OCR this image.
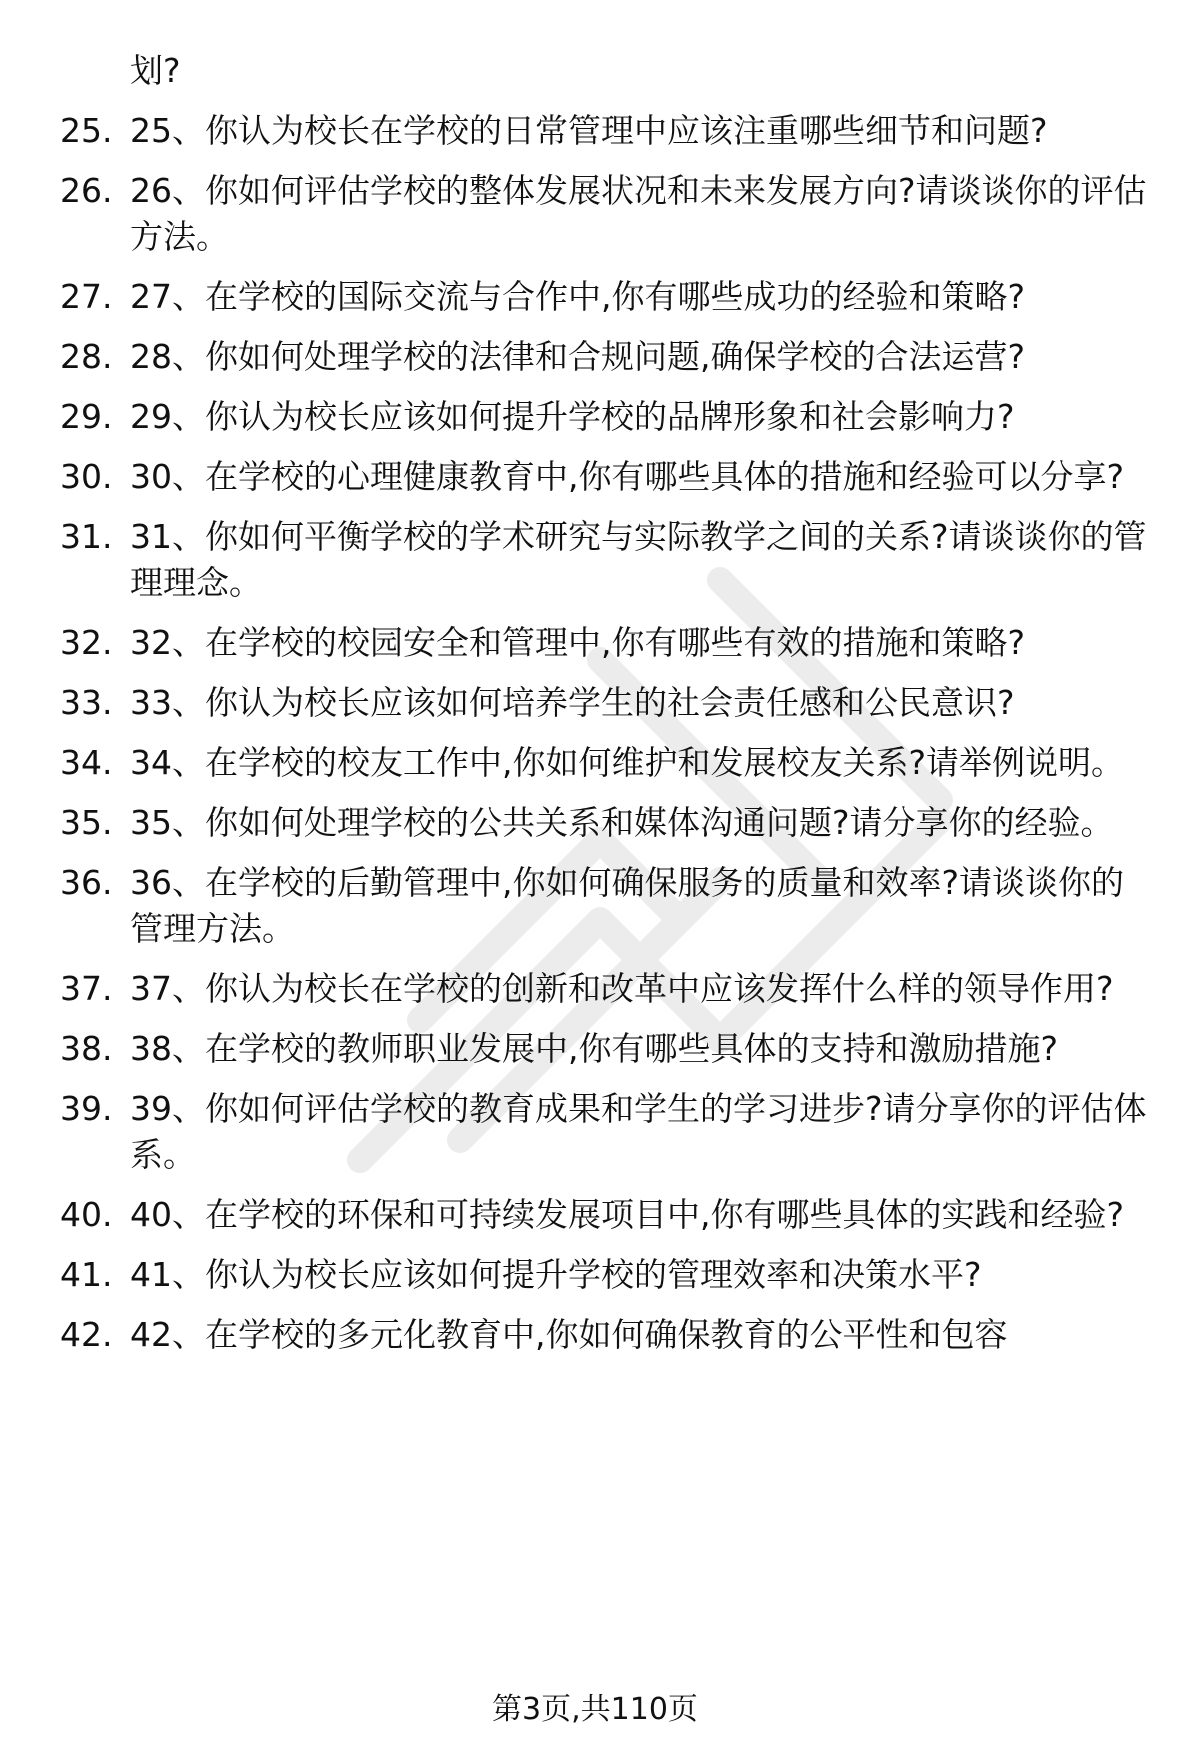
划?
25. 25、你认为校长在学校的日常管理中应该注重哪些细节和问题?
26. 26、你如何评估学校的整体发展状况和未来发展方向?请谈谈你的评估方法。
27. 27、在学校的国际交流与合作中,你有哪些成功的经验和策略?
28. 28、你如何处理学校的法律和合规问题,确保学校的合法运营?
29. 29、你认为校长应该如何提升学校的品牌形象和社会影响力?
30. 30、在学校的心理健康教育中,你有哪些具体的措施和经验可以分享?
31. 31、你如何平衡学校的学术研究与实际教学之间的关系?请谈谈你的管理理念。
32. 32、在学校的校园安全和管理中,你有哪些有效的措施和策略?
33. 33、你认为校长应该如何培养学生的社会责任感和公民意识?
34. 34、在学校的校友工作中,你如何维护和发展校友关系?请举例说明。
35. 35、你如何处理学校的公共关系和媒体沟通问题?请分享你的经验。
36. 36、在学校的后勤管理中,你如何确保服务的质量和效率?请谈谈你的管理方法。
37. 37、你认为校长在学校的创新和改革中应该发挥什么样的领导作用?
38. 38、在学校的教师职业发展中,你有哪些具体的支持和激励措施?
39. 39、你如何评估学校的教育成果和学生的学习进步?请分享你的评估体系。
40. 40、在学校的环保和可持续发展项目中,你有哪些具体的实践和经验?
41. 41、你认为校长应该如何提升学校的管理效率和决策水平?
42. 42、在学校的多元化教育中,你如何确保教育的公平性和包容
第3页,共110页
